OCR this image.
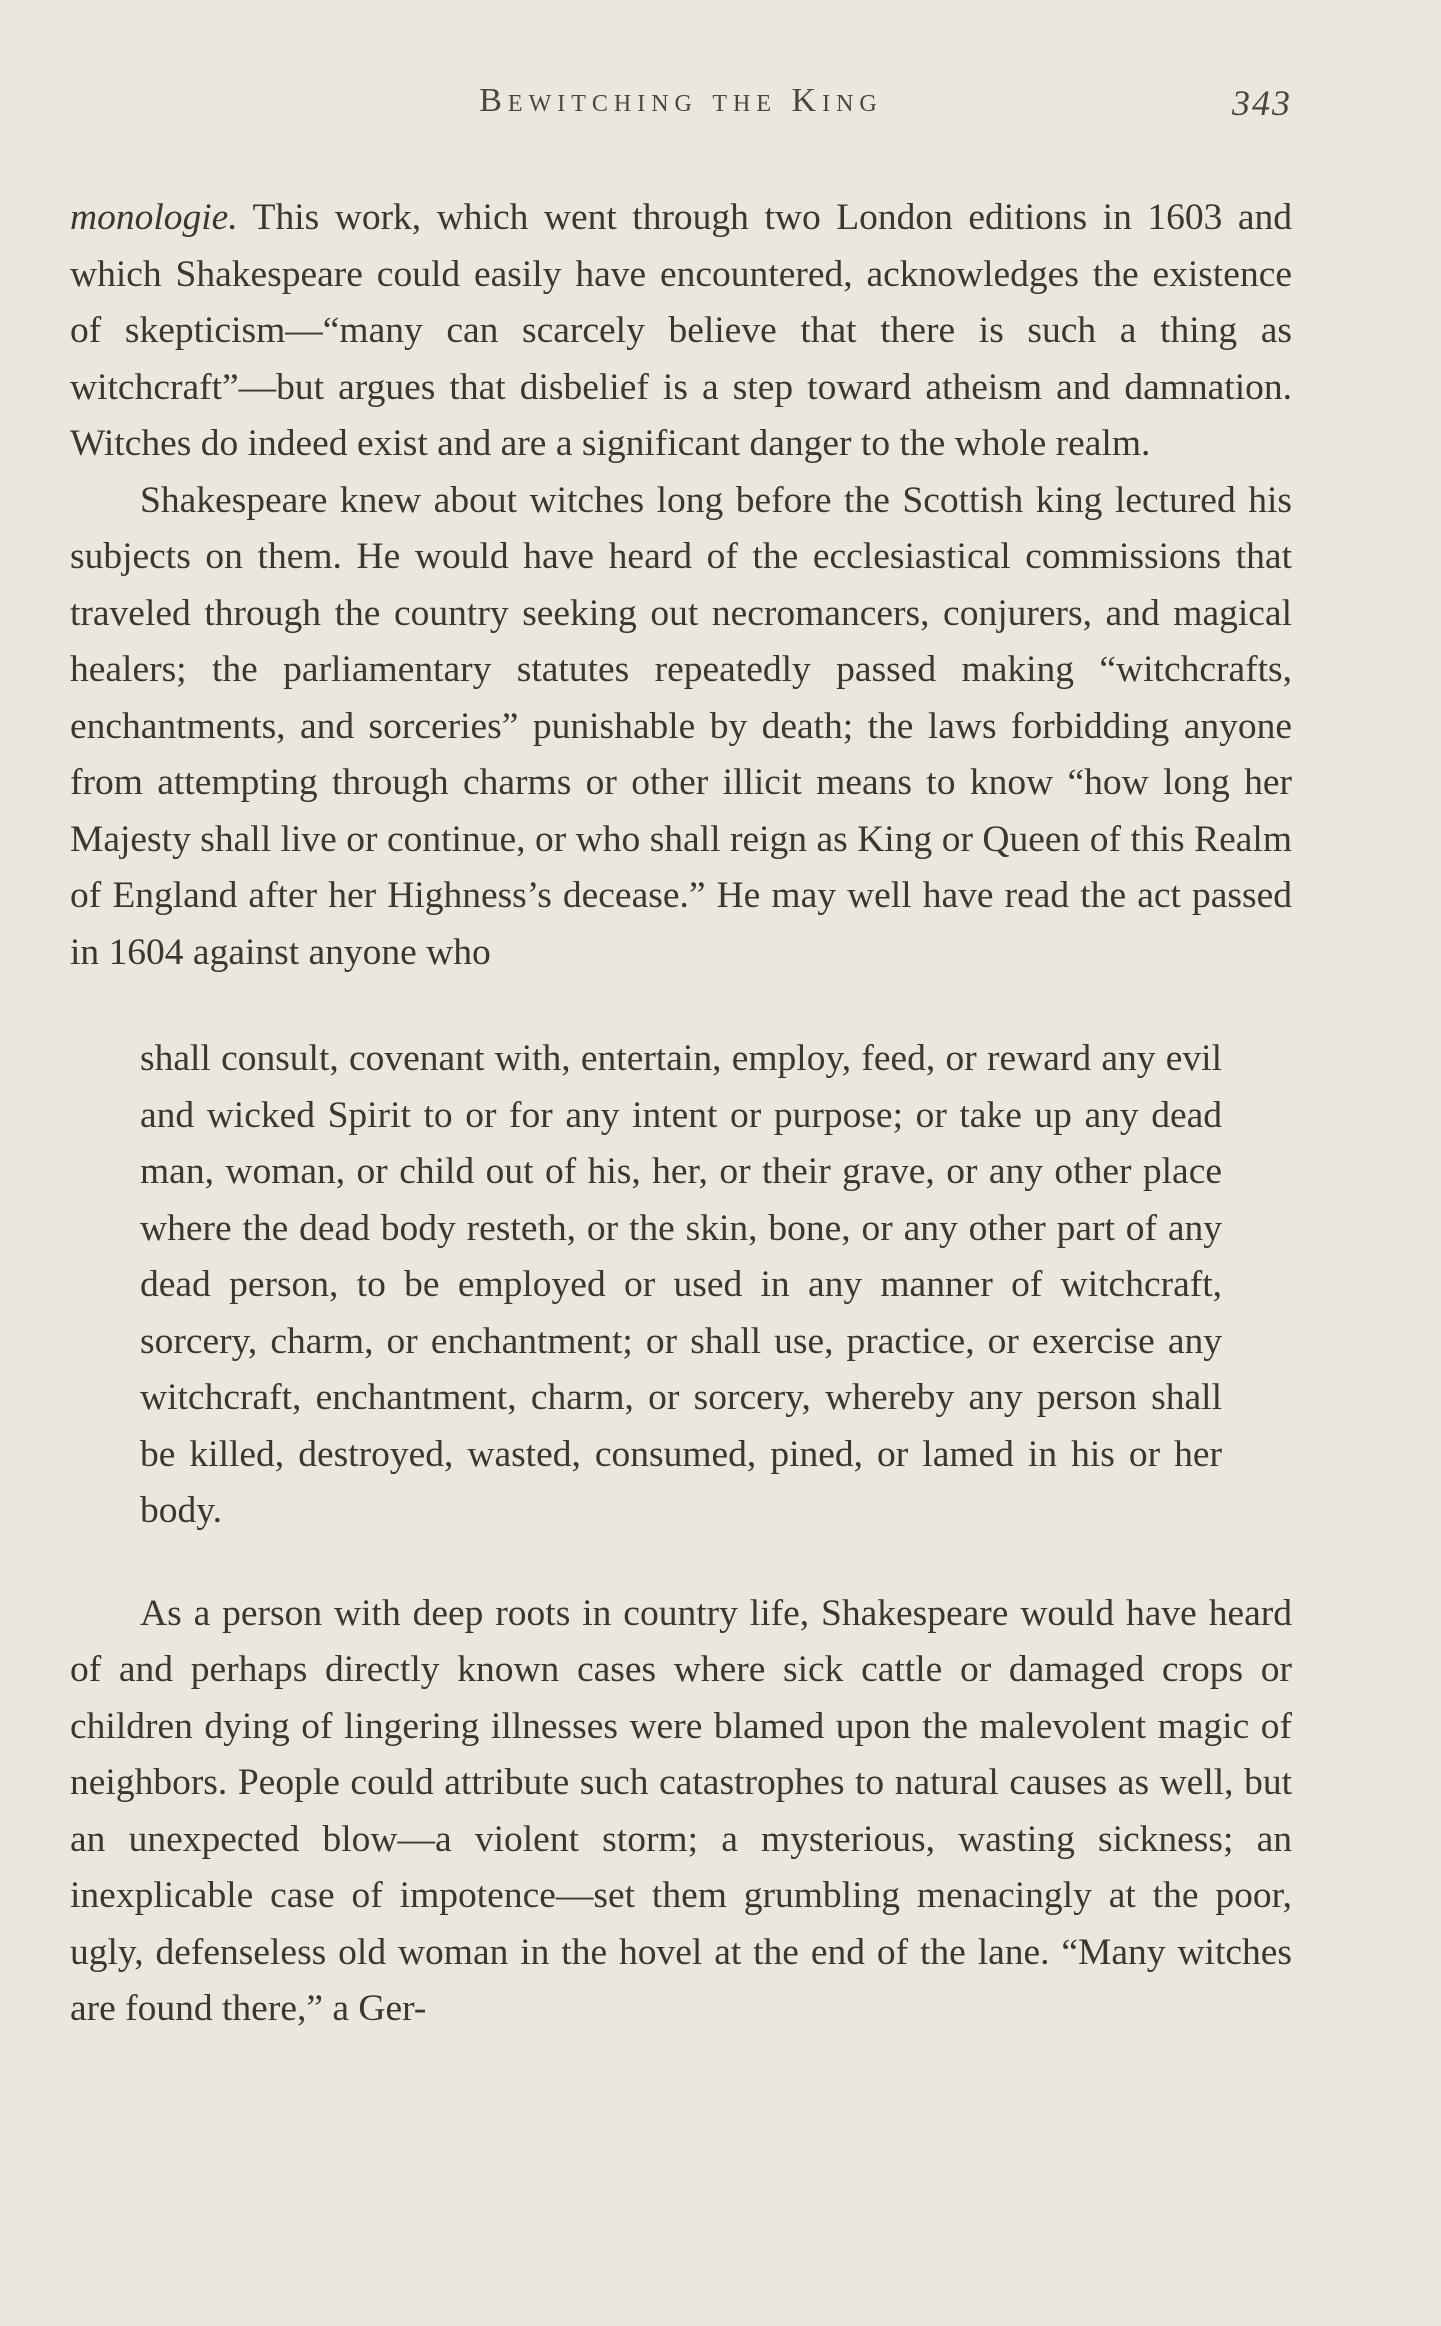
Bewitching the King	343

monologie. This work, which went through two London editions in 1603 and which Shakespeare could easily have encountered, acknowledges the existence of skepticism—“many can scarcely believe that there is such a thing as witchcraft”—but argues that disbelief is a step toward atheism and damnation. Witches do indeed exist and are a significant danger to the whole realm.

Shakespeare knew about witches long before the Scottish king lectured his subjects on them. He would have heard of the ecclesiastical commissions that traveled through the country seeking out necromancers, conjurers, and magical healers; the parliamentary statutes repeatedly passed making “witchcrafts, enchantments, and sorceries” punishable by death; the laws forbidding anyone from attempting through charms or other illicit means to know “how long her Majesty shall live or continue, or who shall reign as King or Queen of this Realm of England after her Highness’s decease.” He may well have read the act passed in 1604 against anyone who

shall consult, covenant with, entertain, employ, feed, or reward any evil and wicked Spirit to or for any intent or purpose; or take up any dead man, woman, or child out of his, her, or their grave, or any other place where the dead body resteth, or the skin, bone, or any other part of any dead person, to be employed or used in any manner of witchcraft, sorcery, charm, or enchantment; or shall use, practice, or exercise any witchcraft, enchantment, charm, or sorcery, whereby any person shall be killed, destroyed, wasted, consumed, pined, or lamed in his or her body.

As a person with deep roots in country life, Shakespeare would have heard of and perhaps directly known cases where sick cattle or damaged crops or children dying of lingering illnesses were blamed upon the malevolent magic of neighbors. People could attribute such catastrophes to natural causes as well, but an unexpected blow—a violent storm; a mysterious, wasting sickness; an inexplicable case of impotence—set them grumbling menacingly at the poor, ugly, defenseless old woman in the hovel at the end of the lane. “Many witches are found there,” a Ger-
